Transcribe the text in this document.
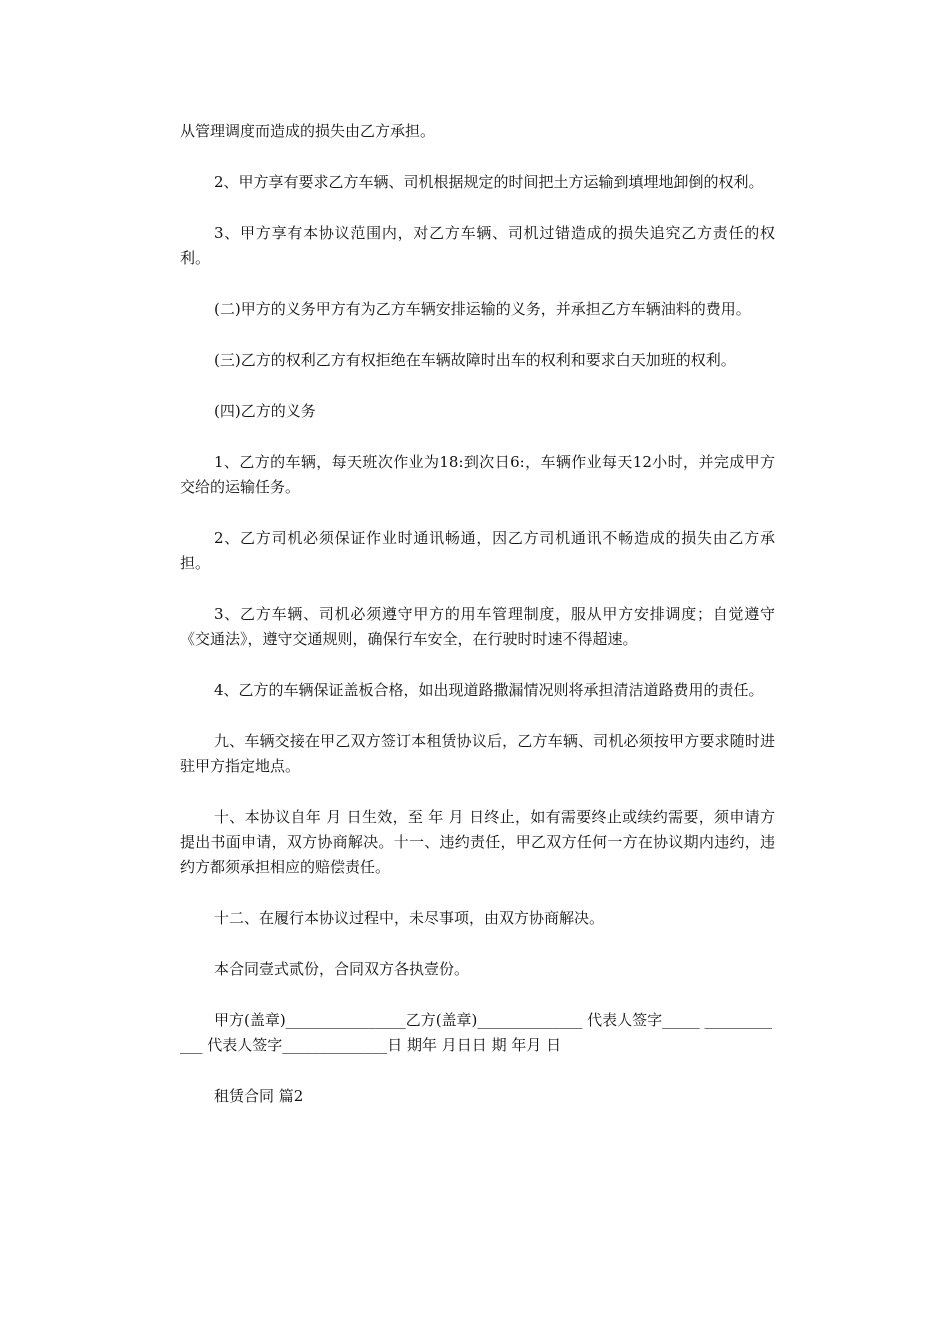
从管理调度而造成的损失由乙方承担。

2、甲方享有要求乙方车辆、司机根据规定的时间把土方运输到填埋地卸倒的权利。

3、甲方享有本协议范围内，对乙方车辆、司机过错造成的损失追究乙方责任的权利。

(二)甲方的义务甲方有为乙方车辆安排运输的义务，并承担乙方车辆油料的费用。

(三)乙方的权利乙方有权拒绝在车辆故障时出车的权利和要求白天加班的权利。

(四)乙方的义务

1、乙方的车辆，每天班次作业为18:到次日6:，车辆作业每天12小时，并完成甲方交给的运输任务。

2、乙方司机必须保证作业时通讯畅通，因乙方司机通讯不畅造成的损失由乙方承担。

3、乙方车辆、司机必须遵守甲方的用车管理制度，服从甲方安排调度；自觉遵守《交通法》，遵守交通规则，确保行车安全，在行驶时时速不得超速。

4、乙方的车辆保证盖板合格，如出现道路撒漏情况则将承担清洁道路费用的责任。

九、车辆交接在甲乙双方签订本租赁协议后，乙方车辆、司机必须按甲方要求随时进驻甲方指定地点。

十、本协议自年 月 日生效，至 年 月 日终止，如有需要终止或续约需要，须申请方提出书面申请，双方协商解决。十一、违约责任，甲乙双方任何一方在协议期内违约，违约方都须承担相应的赔偿责任。

十二、在履行本协议过程中，未尽事项，由双方协商解决。

本合同壹式贰份，合同双方各执壹份。

甲方(盖章)________________乙方(盖章)______________ 代表人签字_____ ____________ 代表人签字______________日 期年 月日日 期 年月 日

租赁合同 篇2
